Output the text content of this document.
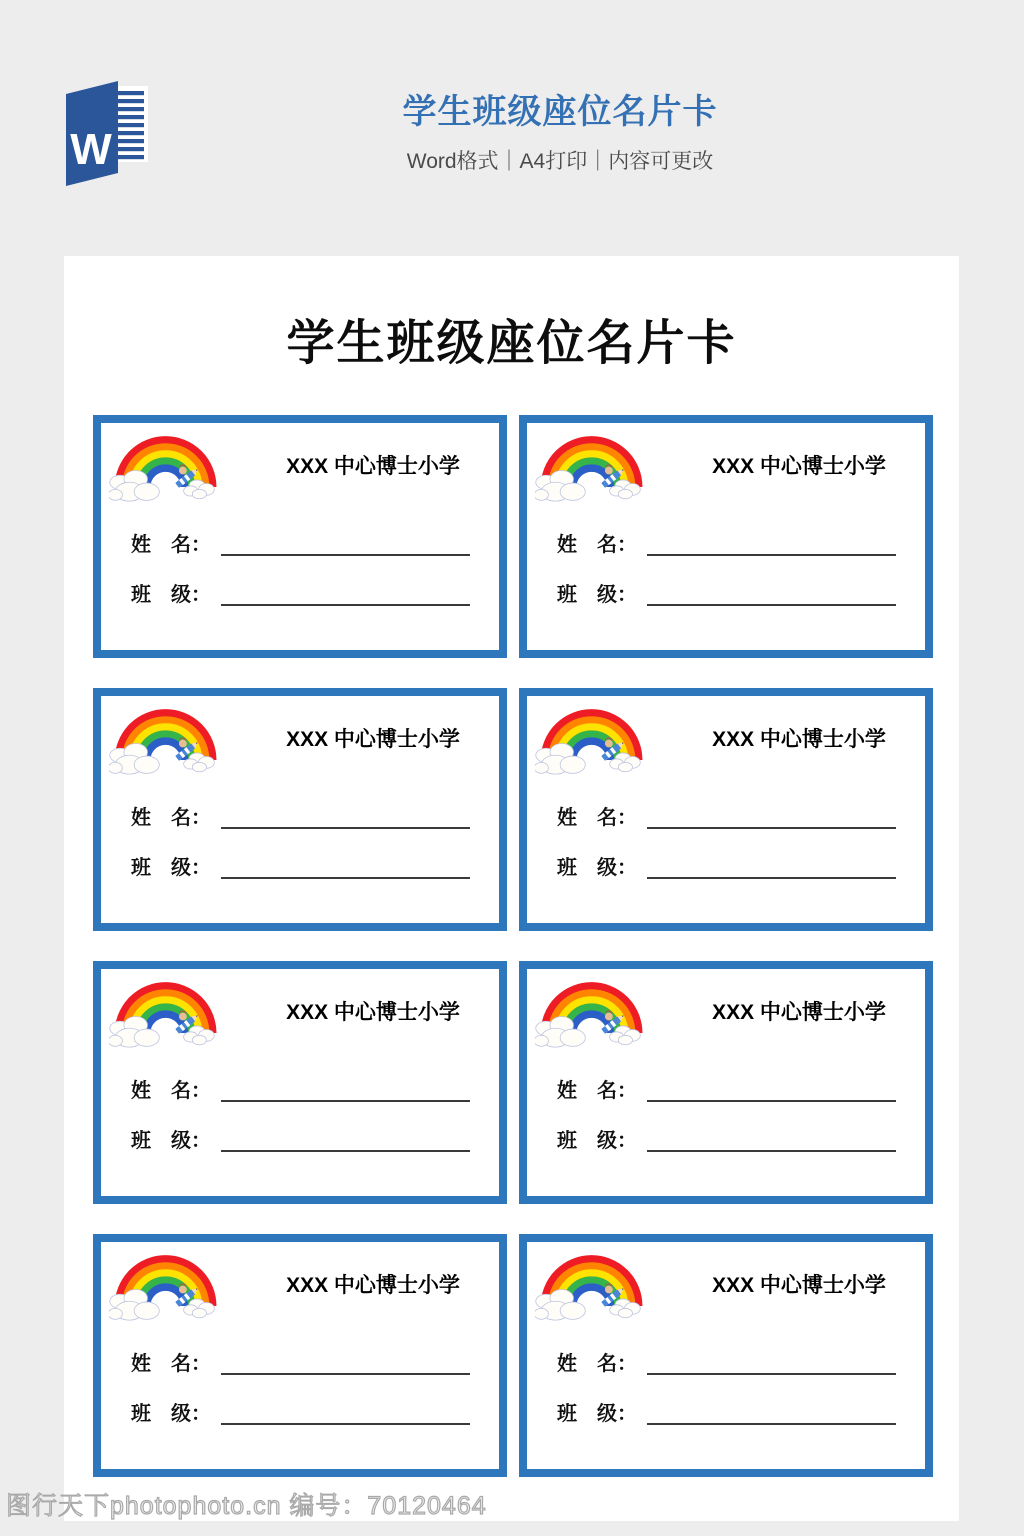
W
学生班级座位名片卡

Word格式｜A4打印｜内容可更改

学生班级座位名片卡
XXX 中心博士小学
姓　名：
班　级：
XXX 中心博士小学
姓　名：
班　级：
XXX 中心博士小学
姓　名：
班　级：
XXX 中心博士小学
姓　名：
班　级：
XXX 中心博士小学
姓　名：
班　级：
XXX 中心博士小学
姓　名：
班　级：
XXX 中心博士小学
姓　名：
班　级：
XXX 中心博士小学
姓　名：
班　级：
图行天下photophoto.cn 编号：70120464
